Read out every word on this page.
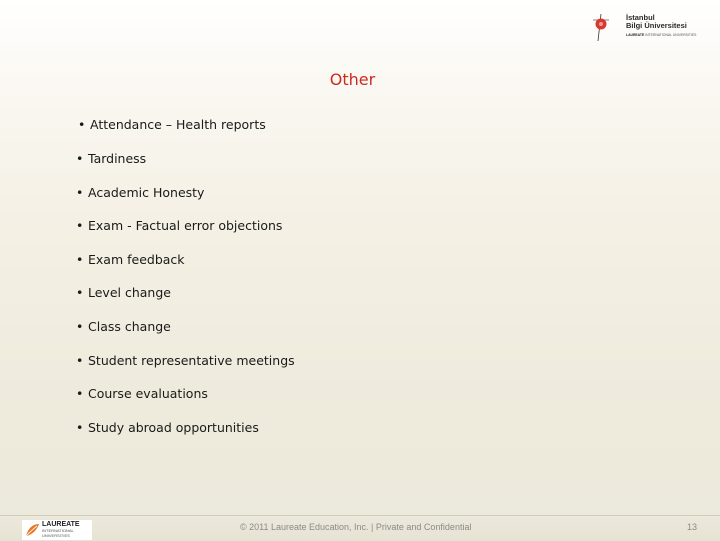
İstanbul
Bilgi Üniversitesi
LAUREATE INTERNATIONAL UNIVERSITIES
Other
• Attendance – Health reports
• Tardiness
• Academic Honesty
• Exam - Factual error objections
• Exam feedback
• Level change
• Class change
• Student representative meetings
• Course evaluations
• Study abroad opportunities
LAUREATE
INTERNATIONAL UNIVERSITIES
© 2011 Laureate Education, Inc. | Private and Confidential	13
